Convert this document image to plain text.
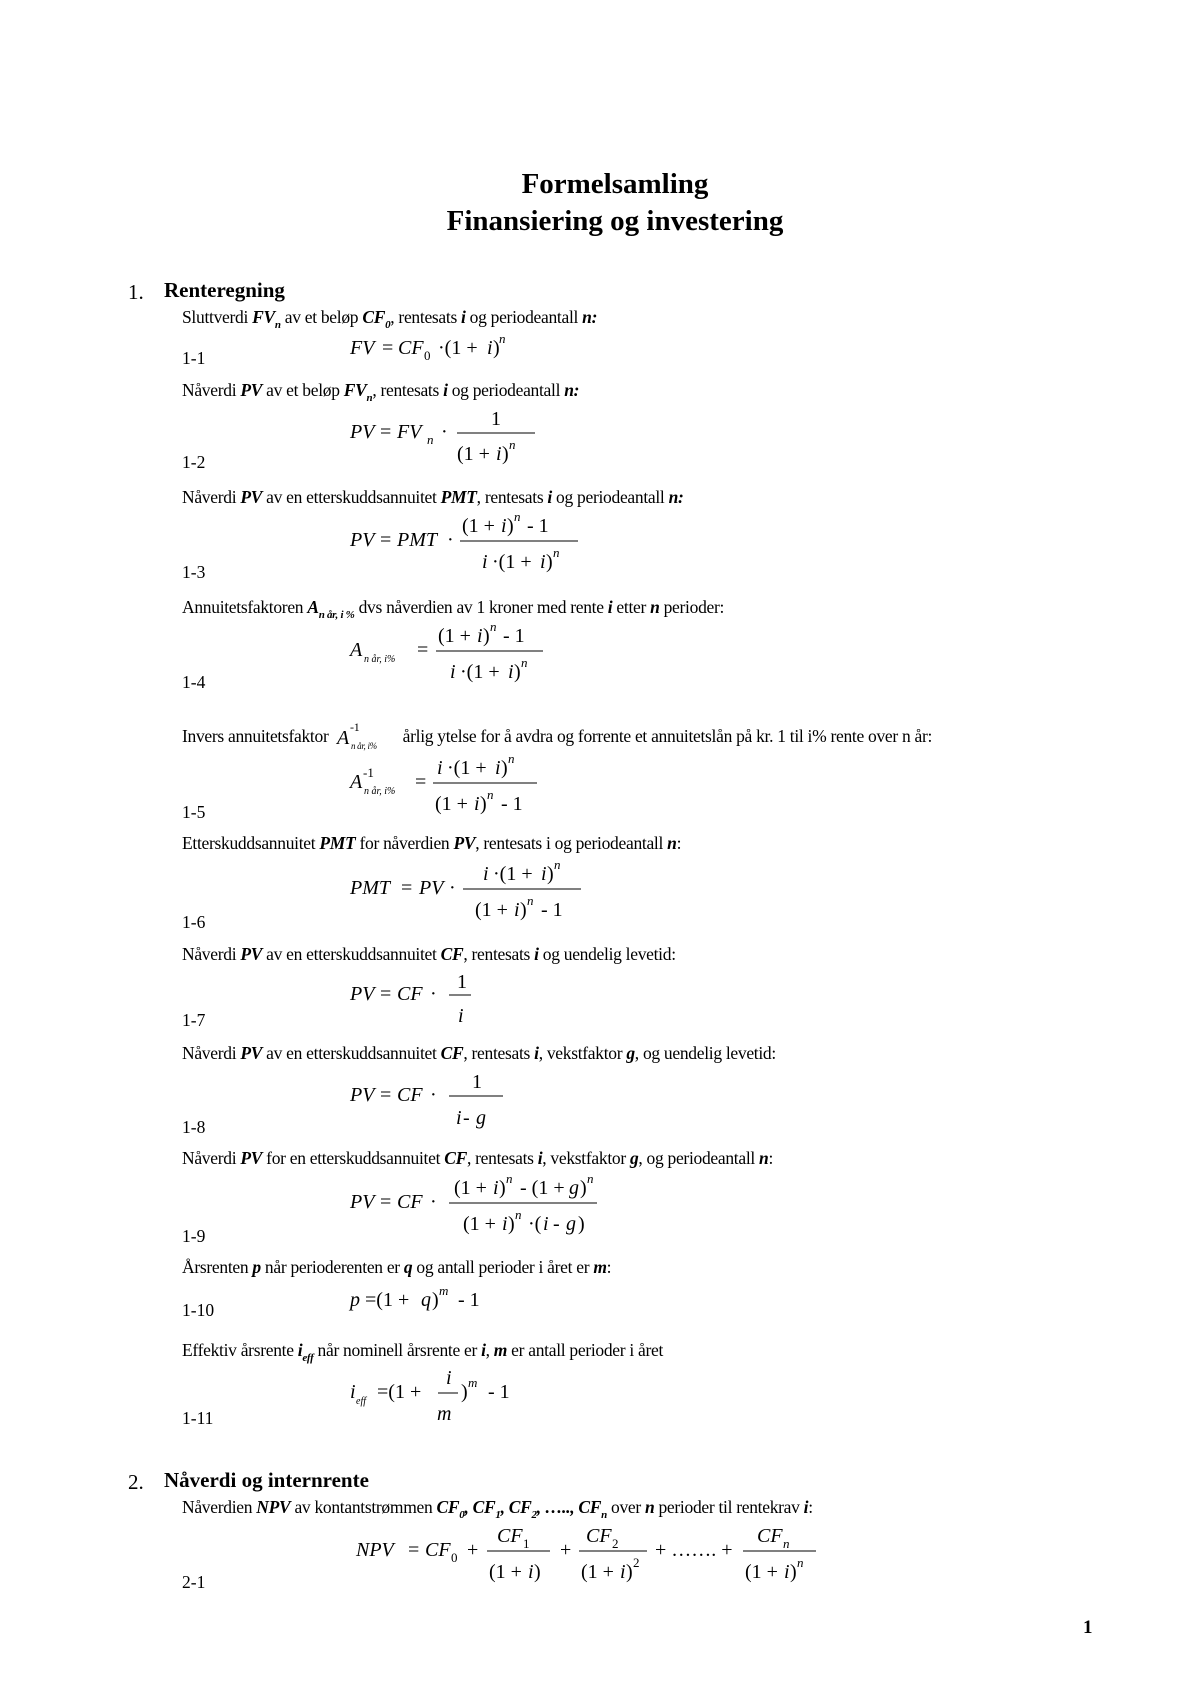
Formelsamling
Finansiering og investering
1. Renteregning
Sluttverdi $FV_n$ av et beløp $CF_0$, rentesats i og periodeantall n:
1-1	FV = CF 0 ·(1 + i ) n
Nåverdi PV av et beløp $FV_n$, rentesats i og periodeantall n:
1-2
PV = FV n ·
1
(1 + i ) n
Nåverdi PV av en etterskuddsannuitet PMT, rentesats i og periodeantall n:
1-3
PV = PMT ·
(1 + i ) n - 1
i ·(1 + i ) n
Annuitetsfaktoren $A_{n år, i \%}$ dvs nåverdien av 1 kroner med rente i etter n perioder:
1-4
A n år, i% =
(1 + i ) n - 1
i ·(1 + i ) n
Invers annuitetsfaktor A -1
n år, i% årlig ytelse for å avdra og forrente et annuitetslån på kr. 1 til i% rente over n år:
1-5
A -1
n år, i% =
i ·(1 + i ) n
(1 + i ) n - 1
Etterskuddsannuitet PMT for nåverdien PV, rentesats i og periodeantall n:
1-6
PMT = PV ·
i ·(1 + i ) n
(1 + i ) n - 1
Nåverdi PV av en etterskuddsannuitet CF, rentesats i og uendelig levetid:
1-7
PV = CF ·
1
i
Nåverdi PV av en etterskuddsannuitet CF, rentesats i, vekstfaktor g, og uendelig levetid:
1-8
PV = CF ·
1
i - g
Nåverdi PV for en etterskuddsannuitet CF, rentesats i, vekstfaktor g, og periodeantall n:
1-9
PV = CF ·
(1 + i ) n - (1 + g ) n
(1 + i ) n ·( i - g )
Årsrenten p når perioderenten er q og antall perioder i året er m:
1-10	p =(1 + q ) m - 1
Effektiv årsrente $i_{eff}$ når nominell årsrente er i, m er antall perioder i året
1-11
i eff =(1 +
i
m
) m - 1
2. Nåverdi og internrente
Nåverdien NPV av kontantstrømmen $CF_0$, $CF_1$, $CF_2$, ….., $CF_n$ over n perioder til rentekrav i:
2-1
NPV = CF 0 +
CF 1
(1 + i )
+
CF 2
(1 + i ) 2
+ ……. +
CF n
(1 + i ) n
1
